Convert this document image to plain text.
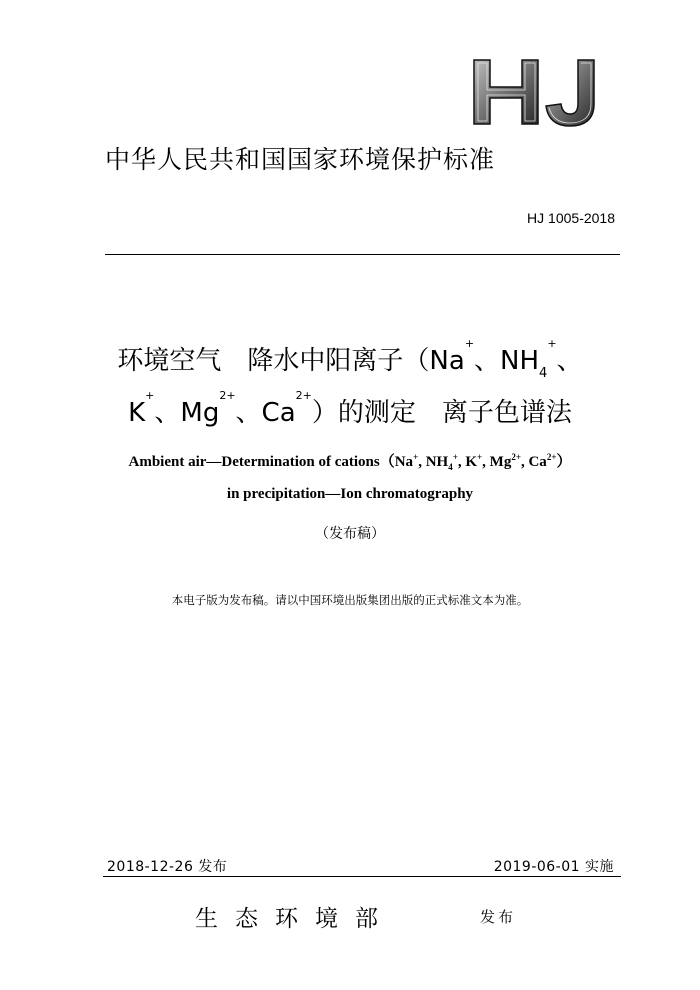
中华人民共和国国家环境保护标准
HJ 1005-2018
环境空气　降水中阳离子（Na+、$NH_4^+$、
K+、$Mg^{2+}$、$Ca^{2+}$）的测定　离子色谱法
Ambient air—Determination of cations（Na+, $NH_4^+$, K+, $Mg^{2+}$, $Ca^{2+}$）
in precipitation—Ion chromatography
（发布稿）
本电子版为发布稿。请以中国环境出版集团出版的正式标准文本为准。
2018-12-26 发布	2019-06-01 实施
生态环境部	发布
